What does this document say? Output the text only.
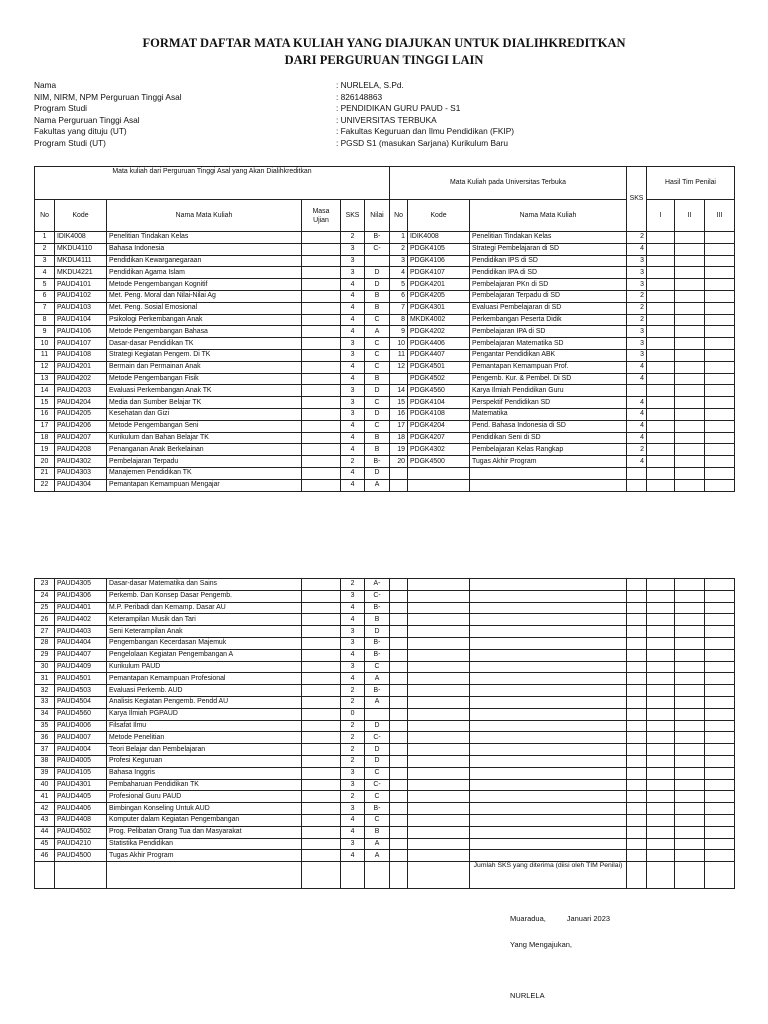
FORMAT DAFTAR MATA KULIAH YANG DIAJUKAN UNTUK DIALIHKREDITKAN
DARI PERGURUAN TINGGI LAIN
Nama	: NURLELA, S.Pd.
NIM, NIRM, NPM Perguruan Tinggi Asal	: 826148863
Program Studi	: PENDIDIKAN GURU PAUD - S1
Nama Perguruan Tinggi Asal	: UNIVERSITAS TERBUKA
Fakultas yang dituju (UT)	: Fakultas Keguruan dan Ilmu Pendidikan (FKIP)
Program Studi (UT)	: PGSD S1 (masukan Sarjana) Kurikulum Baru
Mata kuliah dari Perguruan Tinggi Asal yang Akan Dialihkreditkan						Mata Kuliah pada Universitas Terbuka			SKS	Hasil Tim Penilai		
No	Kode	Nama Mata Kuliah	Masa Ujian	SKS	Nilai	No	Kode	Nama Mata Kuliah		I	II	III
1	IDIK4008	Penelitian Tindakan Kelas		2	B-	1	IDIK4008	Penelitian Tindakan Kelas	2			
2	MKDU4110	Bahasa Indonesia		3	C-	2	PDGK4105	Strategi Pembelajaran di SD	4			
3	MKDU4111	Pendidikan Kewarganegaraan		3		3	PDGK4106	Pendidikan IPS di SD	3			
4	MKDU4221	Pendidikan Agama Islam		3	D	4	PDGK4107	Pendidikan IPA di SD	3			
5	PAUD4101	Metode Pengembangan Kognitif		4	D	5	PDGK4201	Pembelajaran PKn di SD	3			
6	PAUD4102	Met. Peng. Moral dan Nilai-Nilai Ag		4	B	6	PDGK4205	Pembelajaran Terpadu di SD	2			
7	PAUD4103	Met. Peng. Sosial Emosional		4	B	7	PDGK4301	Evaluasi Pembelajaran di SD	2			
8	PAUD4104	Psikologi Perkembangan Anak		4	C	8	MKDK4002	Perkembangan Peserta Didik	2			
9	PAUD4106	Metode Pengembangan Bahasa		4	A	9	PDGK4202	Pembelajaran IPA di SD	3			
10	PAUD4107	Dasar-dasar Pendidikan TK		3	C	10	PDGK4406	Pembelajaran Matematika SD	3			
11	PAUD4108	Strategi Kegiatan Pengem. Di TK		3	C	11	PDGK4407	Pengantar Pendidikan ABK	3			
12	PAUD4201	Bermain dan Permainan Anak		4	C	12	PDGK4501	Pemantapan Kemampuan Prof.	4			
13	PAUD4202	Metode Pengembangan Fisik		4	B		PDGK4502	Pengemb. Kur. & Pembel. Di SD	4			
14	PAUD4203	Evaluasi Perkembangan Anak TK		3	D	14	PDGK4560	Karya Ilmiah Pendidikan Guru				
15	PAUD4204	Media dan Sumber Belajar TK		3	C	15	PDGK4104	Perspektif Pendidikan SD	4			
16	PAUD4205	Kesehatan dan Gizi		3	D	16	PDGK4108	Matematika	4			
17	PAUD4206	Metode Pengembangan Seni		4	C	17	PDGK4204	Pend. Bahasa Indonesia di SD	4			
18	PAUD4207	Kurikulum dan Bahan Belajar TK		4	B	18	PDGK4207	Pendidikan Seni di SD	4			
19	PAUD4208	Penanganan Anak Berkelainan		4	B	19	PDGK4302	Pembelajaran Kelas Rangkap	2			
20	PAUD4302	Pembelajaran Terpadu		2	B-	20	PDGK4500	Tugas Akhir Program	4			
21	PAUD4303	Manajemen Pendidikan TK		4	D							
22	PAUD4304	Pemantapan Kemampuan Mengajar		4	A							
23	PAUD4305	Dasar-dasar Matematika dan Sains		2	A-							
24	PAUD4306	Perkemb. Dan Konsep Dasar Pengemb.		3	C-							
25	PAUD4401	M.P. Peribadi dan Kemamp. Dasar AU		4	B-							
26	PAUD4402	Keterampilan Musik dan Tari		4	B							
27	PAUD4403	Seni Keterampilan Anak		3	D							
28	PAUD4404	Pengembangan Kecerdasan Majemuk		3	B-							
29	PAUD4407	Pengelolaan Kegiatan Pengembangan A		4	B-							
30	PAUD4409	Kurikulum PAUD		3	C							
31	PAUD4501	Pemantapan Kemampuan Profesional		4	A							
32	PAUD4503	Evaluasi Perkemb. AUD		2	B-							
33	PAUD4504	Analisis Kegiatan Pengemb. Pendd AU		2	A							
34	PAUD4560	Karya Ilmiah PGPAUD		0								
35	PAUD4006	Filsafat Ilmu		2	D							
36	PAUD4007	Metode Penelitian		2	C-							
37	PAUD4004	Teori Belajar dan Pembelajaran		2	D							
38	PAUD4005	Profesi Keguruan		2	D							
39	PAUD4105	Bahasa Inggris		3	C							
40	PAUD4301	Pembaharuan Pendidikan TK		3	C-							
41	PAUD4405	Profesional Guru PAUD		2	C							
42	PAUD4406	Bimbingan Konseling Untuk AUD		3	B-							
43	PAUD4408	Komputer dalam Kegiatan Pengembangan		4	C							
44	PAUD4502	Prog. Pelibatan Orang Tua dan Masyarakat		4	B							
45	PAUD4210	Statistika Pendidikan		3	A							
46	PAUD4500	Tugas Akhir Program		4	A							
								Jumlah SKS yang diterima (diisi oleh TIM Penilai)				
Muaradua,          Januari 2023
Yang Mengajukan,
NURLELA
